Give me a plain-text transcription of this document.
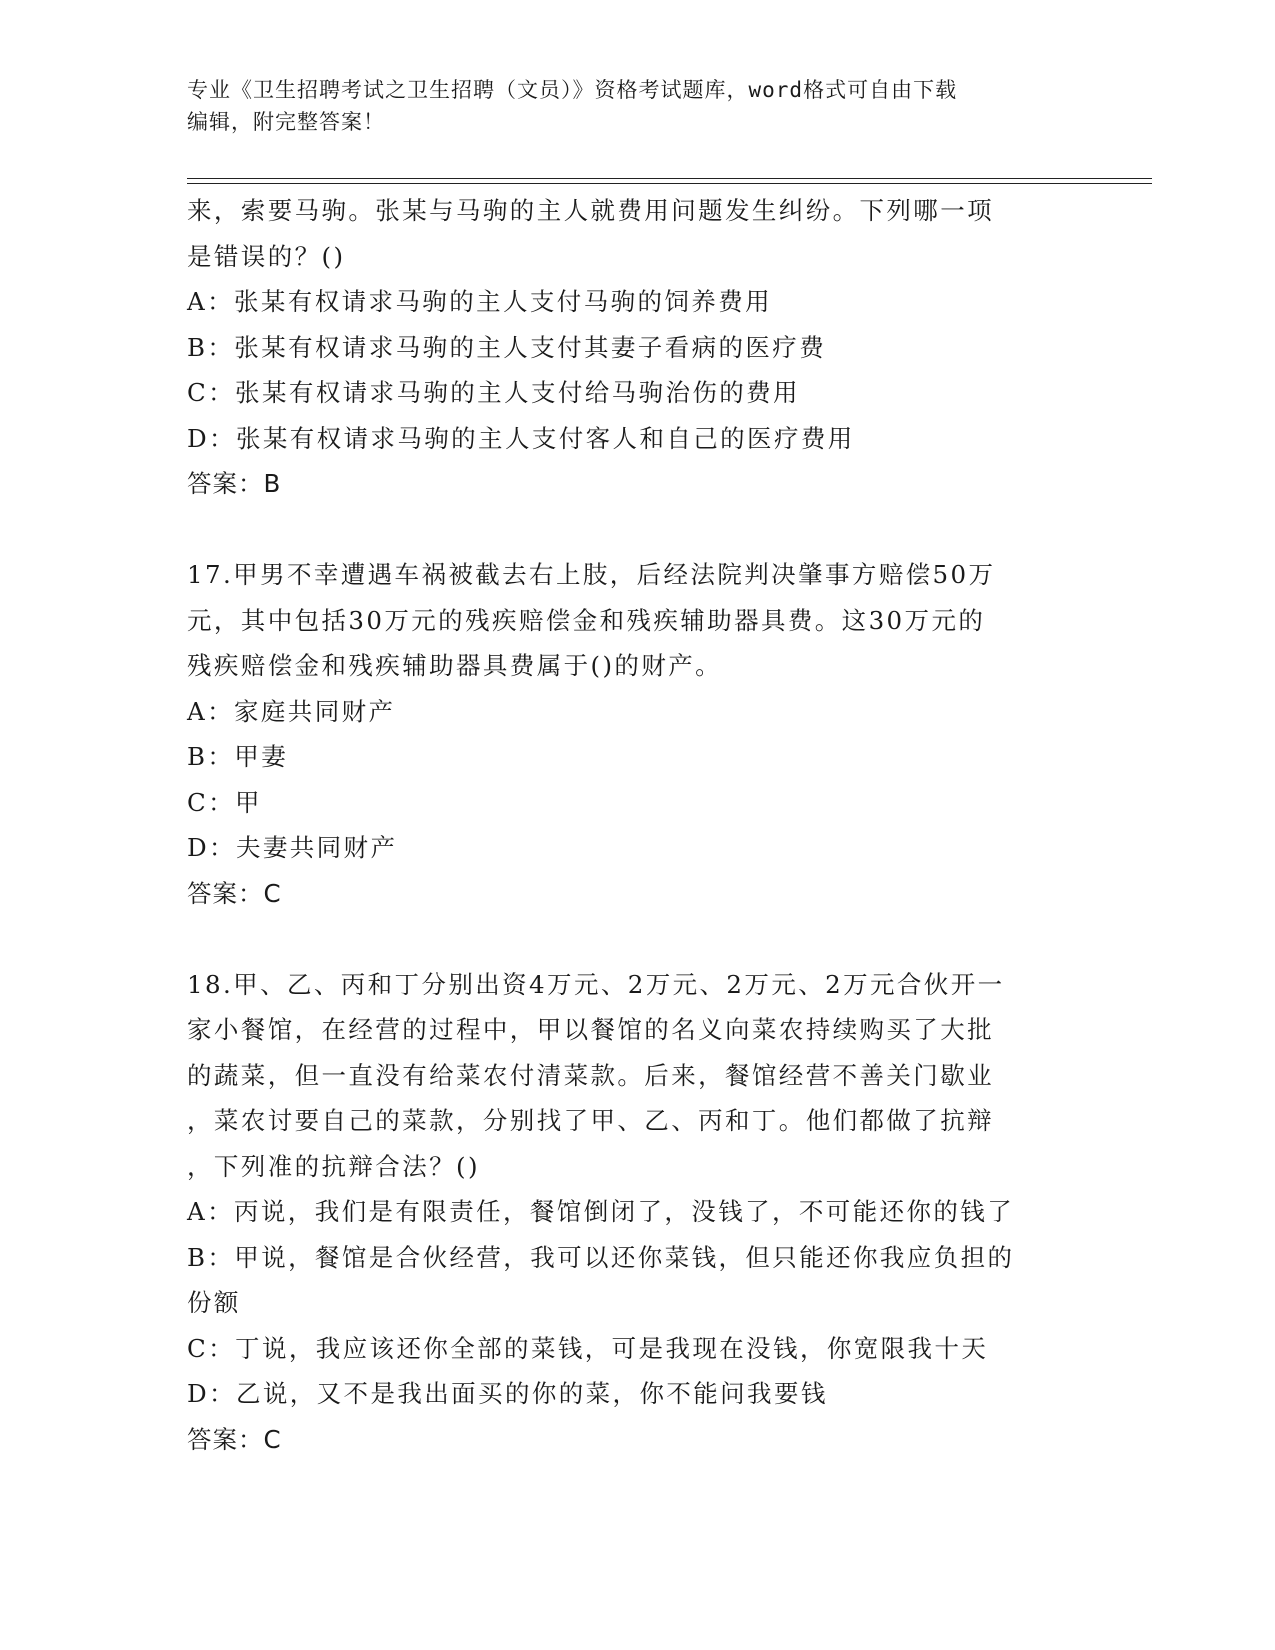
专业《卫生招聘考试之卫生招聘（文员）》资格考试题库，word格式可自由下载
编辑，附完整答案！
来，索要马驹。张某与马驹的主人就费用问题发生纠纷。下列哪一项
是错误的？()
A：张某有权请求马驹的主人支付马驹的饲养费用
B：张某有权请求马驹的主人支付其妻子看病的医疗费
C：张某有权请求马驹的主人支付给马驹治伤的费用
D：张某有权请求马驹的主人支付客人和自己的医疗费用
答案：B
17.甲男不幸遭遇车祸被截去右上肢，后经法院判决肇事方赔偿50万
元，其中包括30万元的残疾赔偿金和残疾辅助器具费。这30万元的
残疾赔偿金和残疾辅助器具费属于()的财产。
A：家庭共同财产
B：甲妻
C：甲
D：夫妻共同财产
答案：C
18.甲、乙、丙和丁分别出资4万元、2万元、2万元、2万元合伙开一
家小餐馆，在经营的过程中，甲以餐馆的名义向菜农持续购买了大批
的蔬菜，但一直没有给菜农付清菜款。后来，餐馆经营不善关门歇业
，菜农讨要自己的菜款，分别找了甲、乙、丙和丁。他们都做了抗辩
，下列准的抗辩合法？()
A：丙说，我们是有限责任，餐馆倒闭了，没钱了，不可能还你的钱了
B：甲说，餐馆是合伙经营，我可以还你菜钱，但只能还你我应负担的
份额
C：丁说，我应该还你全部的菜钱，可是我现在没钱，你宽限我十天
D：乙说，又不是我出面买的你的菜，你不能问我要钱
答案：C
